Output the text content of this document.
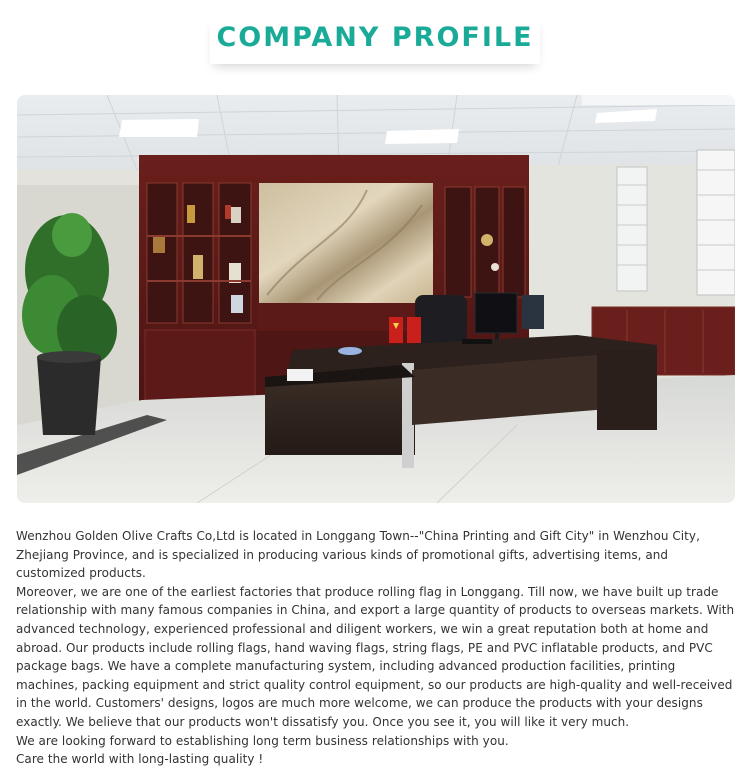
COMPANY PROFILE

Wenzhou Golden Olive Crafts Co,Ltd is located in Longgang Town--"China Printing and Gift City" in Wenzhou City, Zhejiang Province, and is specialized in producing various kinds of promotional gifts, advertising items, and customized products.

Moreover, we are one of the earliest factories that produce rolling flag in Longgang. Till now, we have built up trade relationship with many famous companies in China, and export a large quantity of products to overseas markets. With advanced technology, experienced professional and diligent workers, we win a great reputation both at home and abroad. Our products include rolling flags, hand waving flags, string flags, PE and PVC inflatable products, and PVC package bags. We have a complete manufacturing system, including advanced production facilities, printing machines, packing equipment and strict quality control equipment, so our products are high-quality and well-received in the world. Customers' designs, logos are much more welcome, we can produce the products with your designs exactly. We believe that our products won't dissatisfy you. Once you see it, you will like it very much.

We are looking forward to establishing long term business relationships with you.

Care the world with long-lasting quality !
